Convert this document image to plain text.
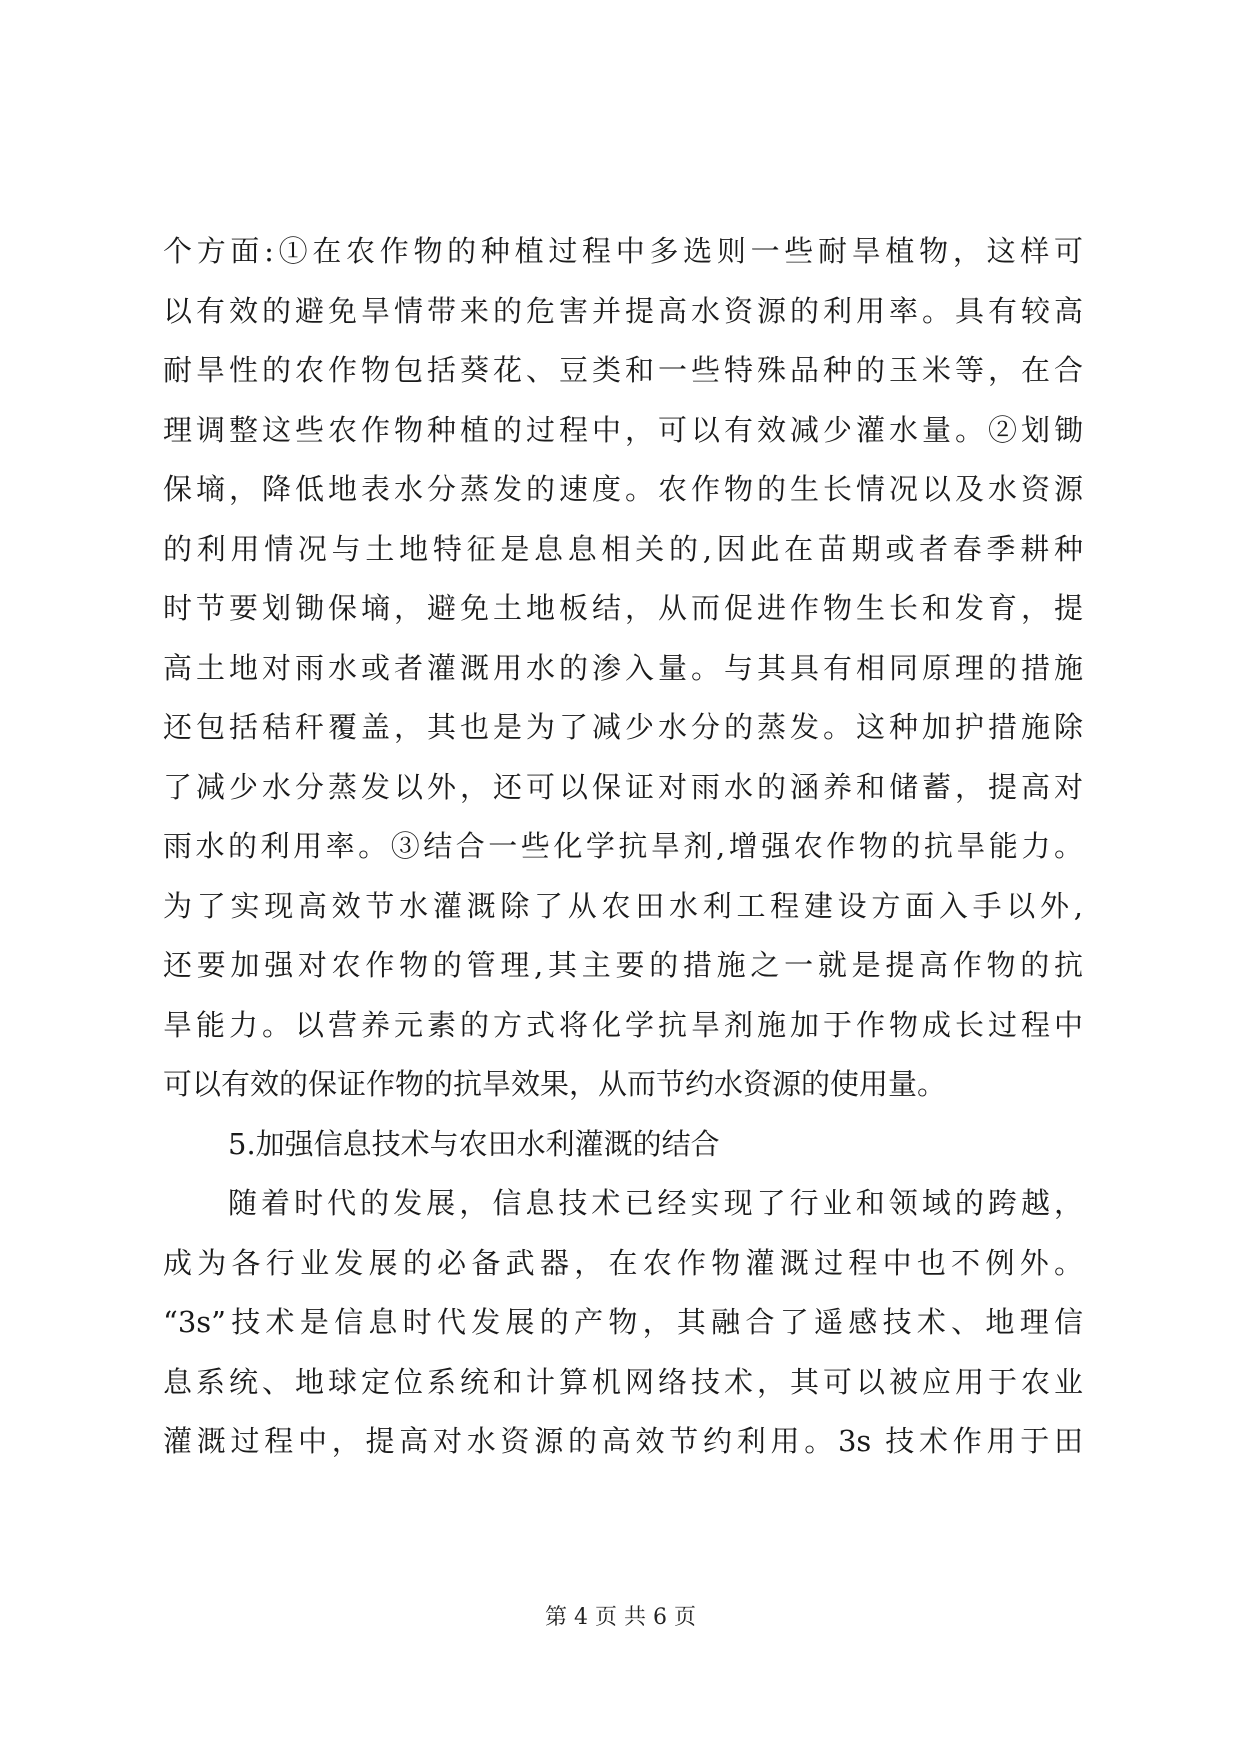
个方面:①在农作物的种植过程中多选则一些耐旱植物，这样可
以有效的避免旱情带来的危害并提高水资源的利用率。具有较高
耐旱性的农作物包括葵花、豆类和一些特殊品种的玉米等，在合
理调整这些农作物种植的过程中，可以有效减少灌水量。②划锄
保墒，降低地表水分蒸发的速度。农作物的生长情况以及水资源
的利用情况与土地特征是息息相关的,因此在苗期或者春季耕种
时节要划锄保墒，避免土地板结，从而促进作物生长和发育，提
高土地对雨水或者灌溉用水的渗入量。与其具有相同原理的措施
还包括秸秆覆盖，其也是为了减少水分的蒸发。这种加护措施除
了减少水分蒸发以外，还可以保证对雨水的涵养和储蓄，提高对
雨水的利用率。③结合一些化学抗旱剂,增强农作物的抗旱能力。
为了实现高效节水灌溉除了从农田水利工程建设方面入手以外,
还要加强对农作物的管理,其主要的措施之一就是提高作物的抗
旱能力。以营养元素的方式将化学抗旱剂施加于作物成长过程中
可以有效的保证作物的抗旱效果，从而节约水资源的使用量。
5.加强信息技术与农田水利灌溉的结合
随着时代的发展，信息技术已经实现了行业和领域的跨越，
成为各行业发展的必备武器，在农作物灌溉过程中也不例外。
“3s”技术是信息时代发展的产物，其融合了遥感技术、地理信
息系统、地球定位系统和计算机网络技术，其可以被应用于农业
灌溉过程中，提高对水资源的高效节约利用。3s 技术作用于田
第 4 页 共 6 页
